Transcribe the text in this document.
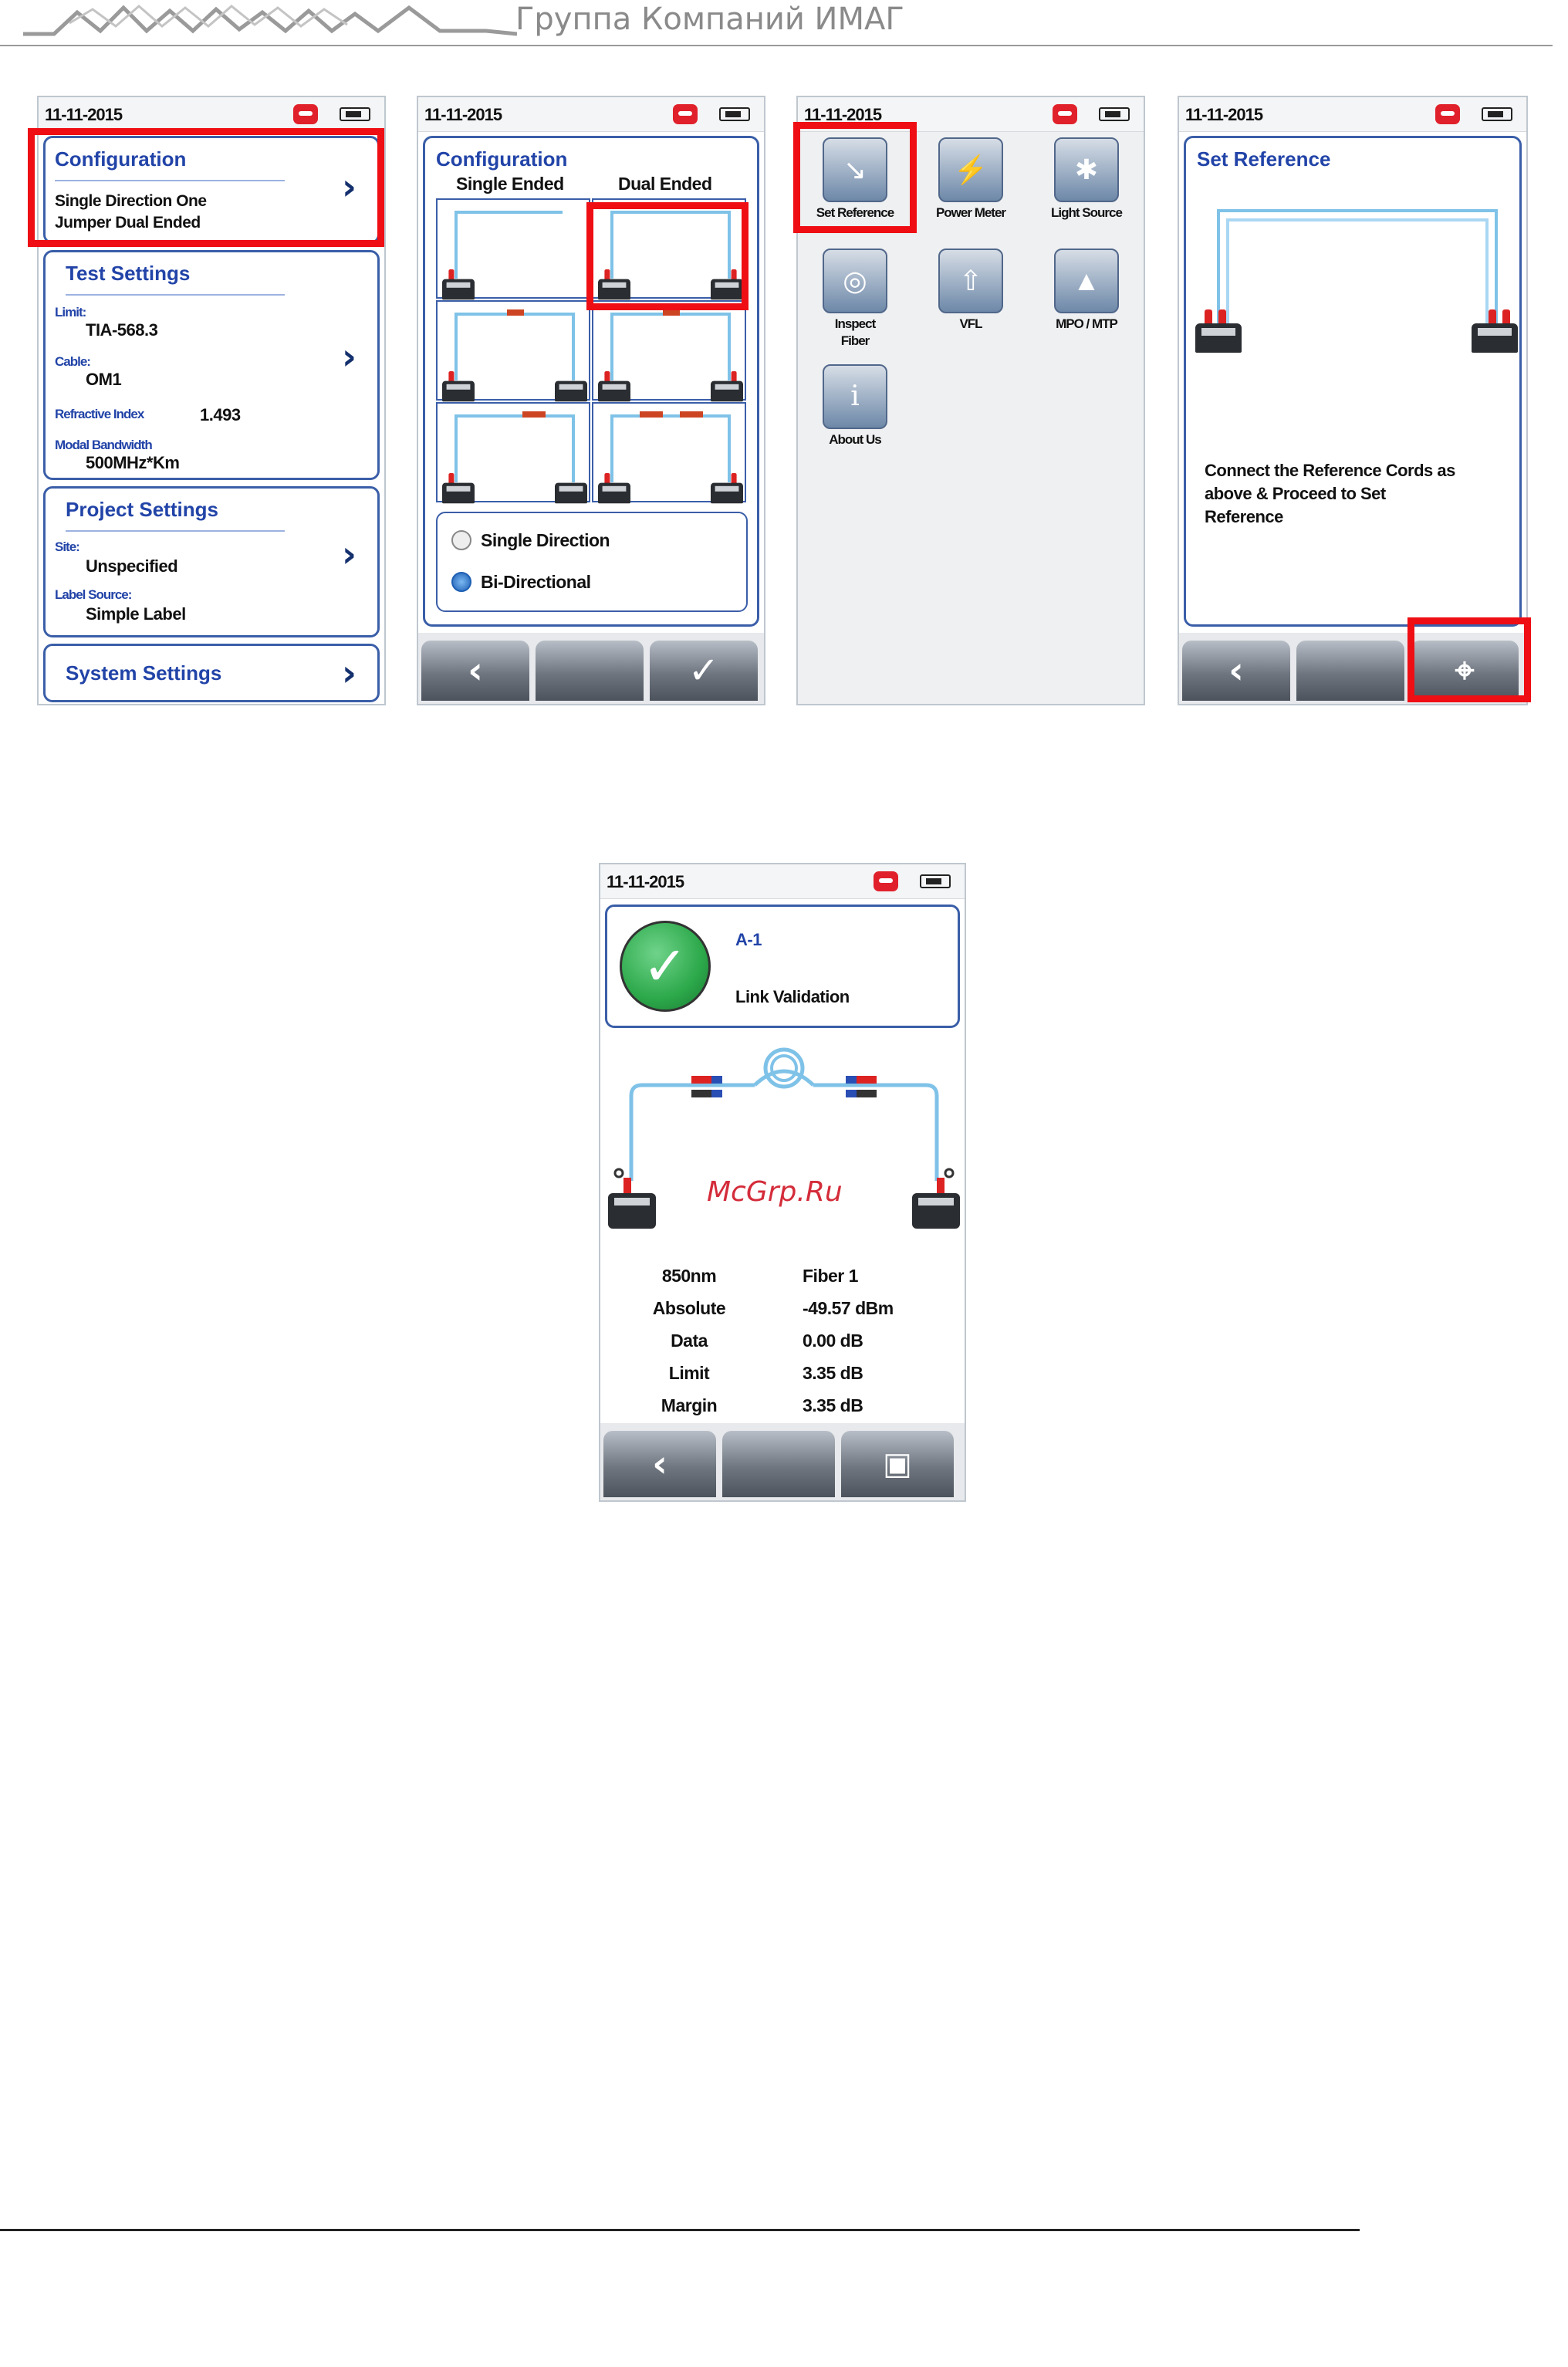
Группа Компаний ИМАГ
11-11-2015
Configuration
Single Direction One
Jumper Dual Ended
›
Test Settings
Limit:
TIA-568.3
Cable:
OM1
Refractive Index	1.493
Modal Bandwidth
500MHz*Km
›
Project Settings
Site:
Unspecified
Label Source:
Simple Label
›
System Settings	›
11-11-2015
Configuration
Single Ended	Dual Ended
Single Direction
Bi-Directional
‹	✓
11-11-2015
↘
Set Reference
⚡
Power Meter
✱
Light Source
◎
Inspect
Fiber
⇧
VFL
▲
MPO / MTP
i
About Us
11-11-2015
Set Reference
Connect the Reference Cords as
above & Proceed to Set
Reference
‹	⌖
11-11-2015
✓	A-1
Link Validation
McGrp.Ru
850nm	Fiber 1
Absolute	-49.57 dBm
Data	0.00 dB
Limit	3.35 dB
Margin	3.35 dB
‹	▣
